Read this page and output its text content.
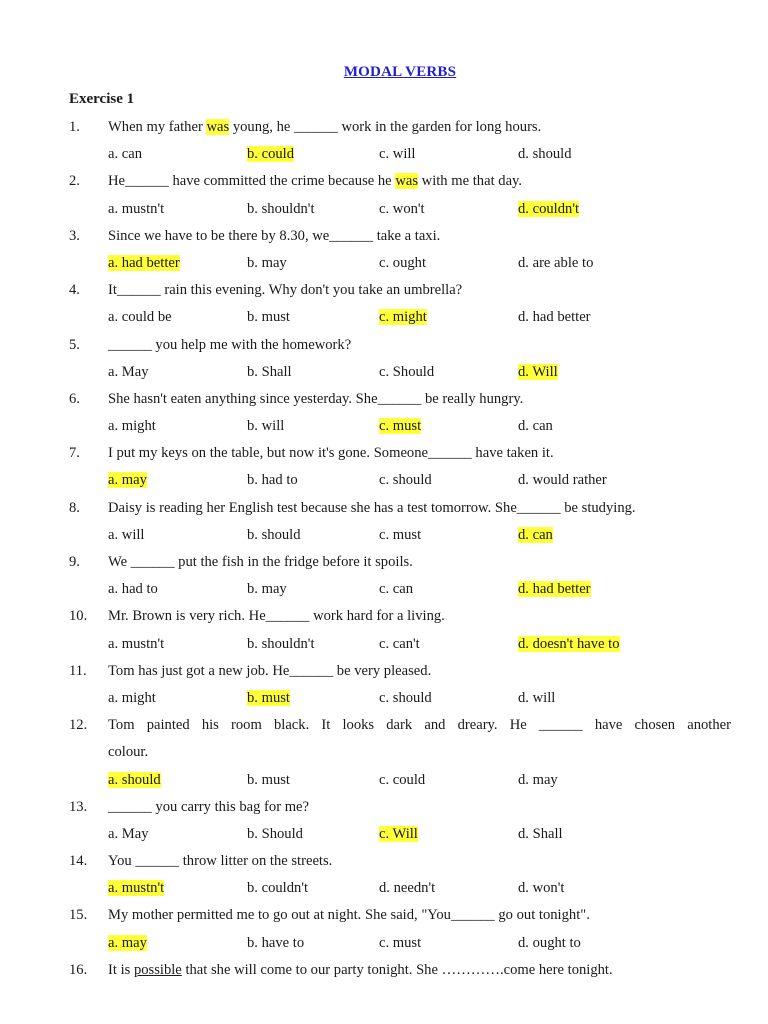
MODAL VERBS
Exercise 1
1. When my father was young, he ______ work in the garden for long hours.
a. can	b. could	c. will	d. should
2. He______ have committed the crime because he was with me that day.
a. mustn't	b. shouldn't	c. won't	d. couldn't
3. Since we have to be there by 8.30, we______ take a taxi.
a. had better	b. may	c. ought	d. are able to
4. It______ rain this evening. Why don't you take an umbrella?
a. could be	b. must	c. might	d. had better
5. ______ you help me with the homework?
a. May	b. Shall	c. Should	d. Will
6. She hasn't eaten anything since yesterday. She______ be really hungry.
a. might	b. will	c. must	d. can
7. I put my keys on the table, but now it's gone. Someone______ have taken it.
a. may	b. had to	c. should	d. would rather
8. Daisy is reading her English test because she has a test tomorrow. She______ be studying.
a. will	b. should	c. must	d. can
9. We ______ put the fish in the fridge before it spoils.
a. had to	b. may	c. can	d. had better
10. Mr. Brown is very rich. He______ work hard for a living.
a. mustn't	b. shouldn't	c. can't	d. doesn't have to
11. Tom has just got a new job. He______ be very pleased.
a. might	b. must	c. should	d. will
12. Tom painted his room black. It looks dark and dreary. He ______ have chosen another
colour.
a. should	b. must	c. could	d. may
13. ______ you carry this bag for me?
a. May	b. Should	c. Will	d. Shall
14. You ______ throw litter on the streets.
a. mustn't	b. couldn't	d. needn't	d. won't
15. My mother permitted me to go out at night. She said, "You______ go out tonight".
a. may	b. have to	c. must	d. ought to
16. It is possible that she will come to our party tonight. She ………….come here tonight.
